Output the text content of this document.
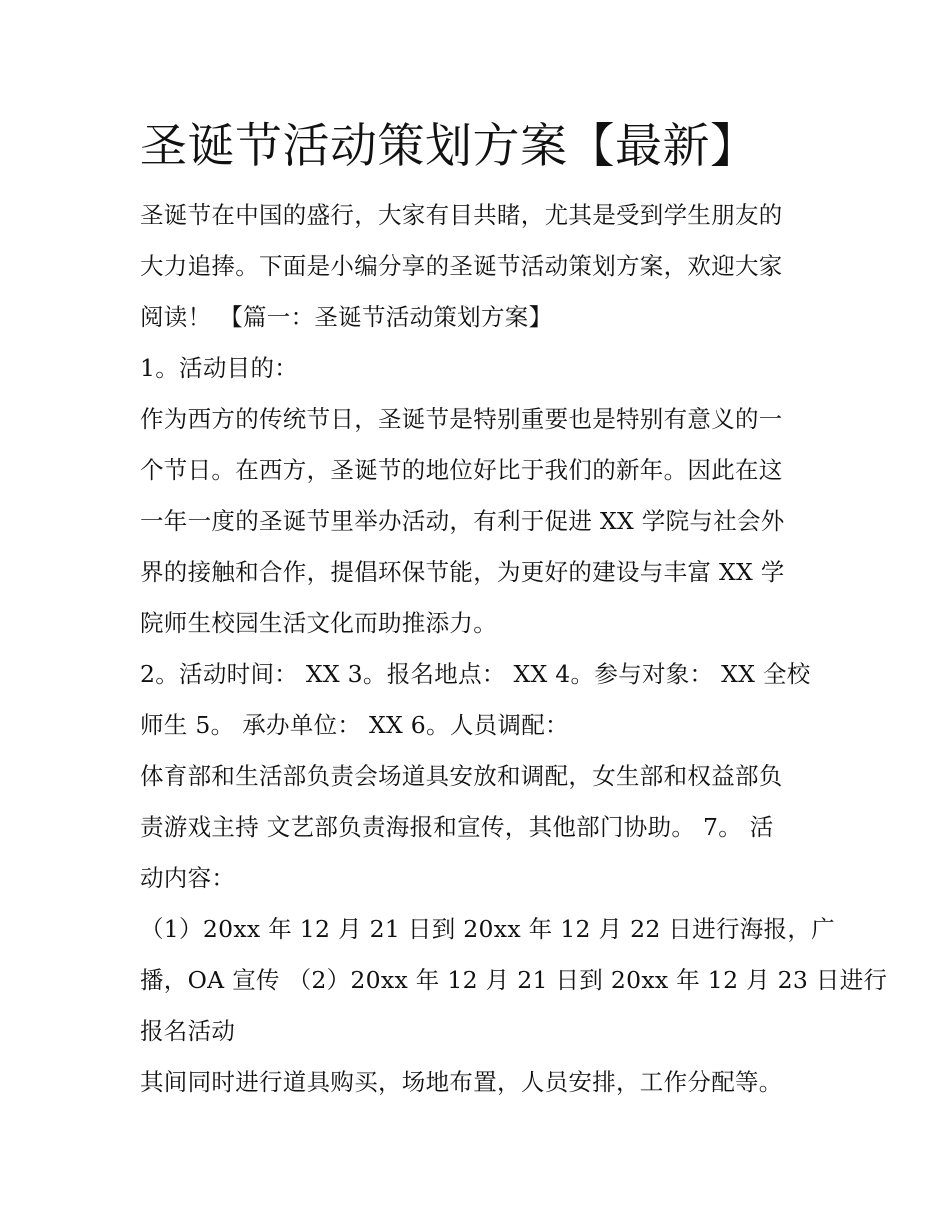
圣诞节活动策划方案【最新】
圣诞节在中国的盛行，大家有目共睹，尤其是受到学生朋友的
大力追捧。下面是小编分享的圣诞节活动策划方案，欢迎大家
阅读！ 【篇一：圣诞节活动策划方案】
1。活动目的：
作为西方的传统节日，圣诞节是特别重要也是特别有意义的一
个节日。在西方，圣诞节的地位好比于我们的新年。因此在这
一年一度的圣诞节里举办活动，有利于促进 XX 学院与社会外
界的接触和合作，提倡环保节能，为更好的建设与丰富 XX 学
院师生校园生活文化而助推添力。
2。活动时间： XX 3。报名地点： XX 4。参与对象： XX 全校
师生 5。 承办单位： XX 6。人员调配：
体育部和生活部负责会场道具安放和调配，女生部和权益部负
责游戏主持 文艺部负责海报和宣传，其他部门协助。 7。 活
动内容：
（1）20xx 年 12 月 21 日到 20xx 年 12 月 22 日进行海报，广
播，OA 宣传 （2）20xx 年 12 月 21 日到 20xx 年 12 月 23 日进行
报名活动
其间同时进行道具购买，场地布置，人员安排，工作分配等。
